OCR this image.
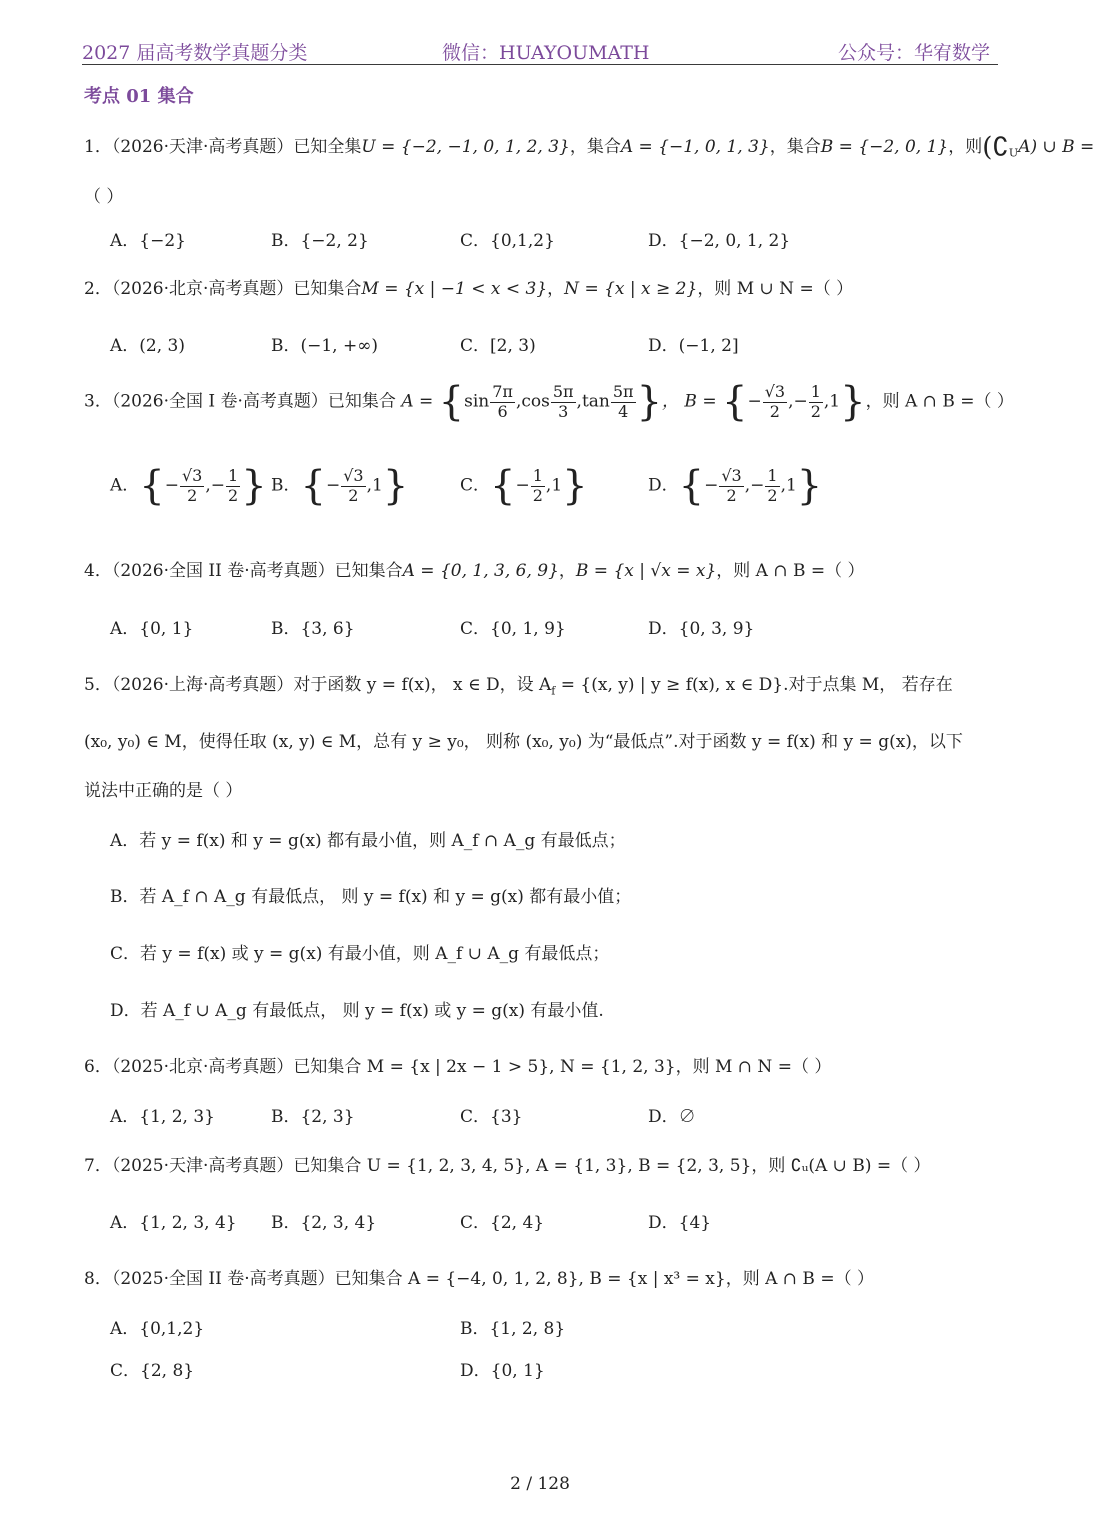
2027 届高考数学真题分类	微信：HUAYOUMATH	公众号：华宥数学
考点 01 集合
1．（2026·天津·高考真题）已知全集U = {−2, −1, 0, 1, 2, 3}，集合A = {−1, 0, 1, 3}，集合B = {−2, 0, 1}，则$(∁_UA)$ ∪ B =
（ ）
A．{−2}	B．{−2, 2}	C．{0,1,2}	D．{−2, 0, 1, 2}
2．（2026·北京·高考真题）已知集合M = {x | −1 < x < 3}，N = {x | x ≥ 2}，则 M ∪ N =（ ）
A．(2, 3)	B．(−1, +∞)	C．[2, 3)	D．(−1, 2]
3．（2026·全国 I 卷·高考真题）已知集合 $A = \{\sin \frac{7\pi}{6} ,\cos \frac{5\pi}{3} ,\tan \frac{5\pi}{4}$ }， B = {− $\frac{√3}{2}$ ,− $\frac{1}{2} ,1$}，则 A ∩ B =（ ）
A．{− $\frac{√3}{2}$ ,− $\frac{1}{2}$ } B．{− $\frac{√3}{2} ,1$}	C．{− $\frac{1}{2} ,1$}	D．{− $\frac{√3}{2}$ ,− $\frac{1}{2} ,1$}
4．（2026·全国 II 卷·高考真题）已知集合A = {0, 1, 3, 6, 9}，B = {x | √x = x}，则 A ∩ B =（ ）
A．{0, 1}	B．{3, 6}	C．{0, 1, 9}	D．{0, 3, 9}
5．（2026·上海·高考真题）对于函数 y = f(x)， x ∈ D，设 $A_f = \{(x$, y) | y ≥ f(x), x ∈ D}.对于点集 M， 若存在
(x₀, y₀) ∈ M，使得任取 (x, y) ∈ M，总有 y ≥ y₀， 则称 (x₀, y₀) 为“最低点”.对于函数 y = f(x) 和 y = g(x)，以下
说法中正确的是（ ）
A．若 y = f(x) 和 y = g(x) 都有最小值，则 A_f ∩ A_g 有最低点；
B．若 A_f ∩ A_g 有最低点， 则 y = f(x) 和 y = g(x) 都有最小值；
C．若 y = f(x) 或 y = g(x) 有最小值，则 A_f ∪ A_g 有最低点；
D．若 A_f ∪ A_g 有最低点， 则 y = f(x) 或 y = g(x) 有最小值.
6．（2025·北京·高考真题）已知集合 M = {x | 2x − 1 > 5}, N = {1, 2, 3}，则 M ∩ N =（ ）
A．{1, 2, 3}	B．{2, 3}	C．{3}	D．∅
7．（2025·天津·高考真题）已知集合 U = {1, 2, 3, 4, 5}, A = {1, 3}, B = {2, 3, 5}，则 ∁ᵤ(A ∪ B) =（ ）
A．{1, 2, 3, 4} B．{2, 3, 4}	C．{2, 4}	D．{4}
8．（2025·全国 II 卷·高考真题）已知集合 A = {−4, 0, 1, 2, 8}, B = {x | x³ = x}，则 A ∩ B =（ ）
A．{0,1,2}	B．{1, 2, 8}
C．{2, 8}	D．{0, 1}
2 / 128
